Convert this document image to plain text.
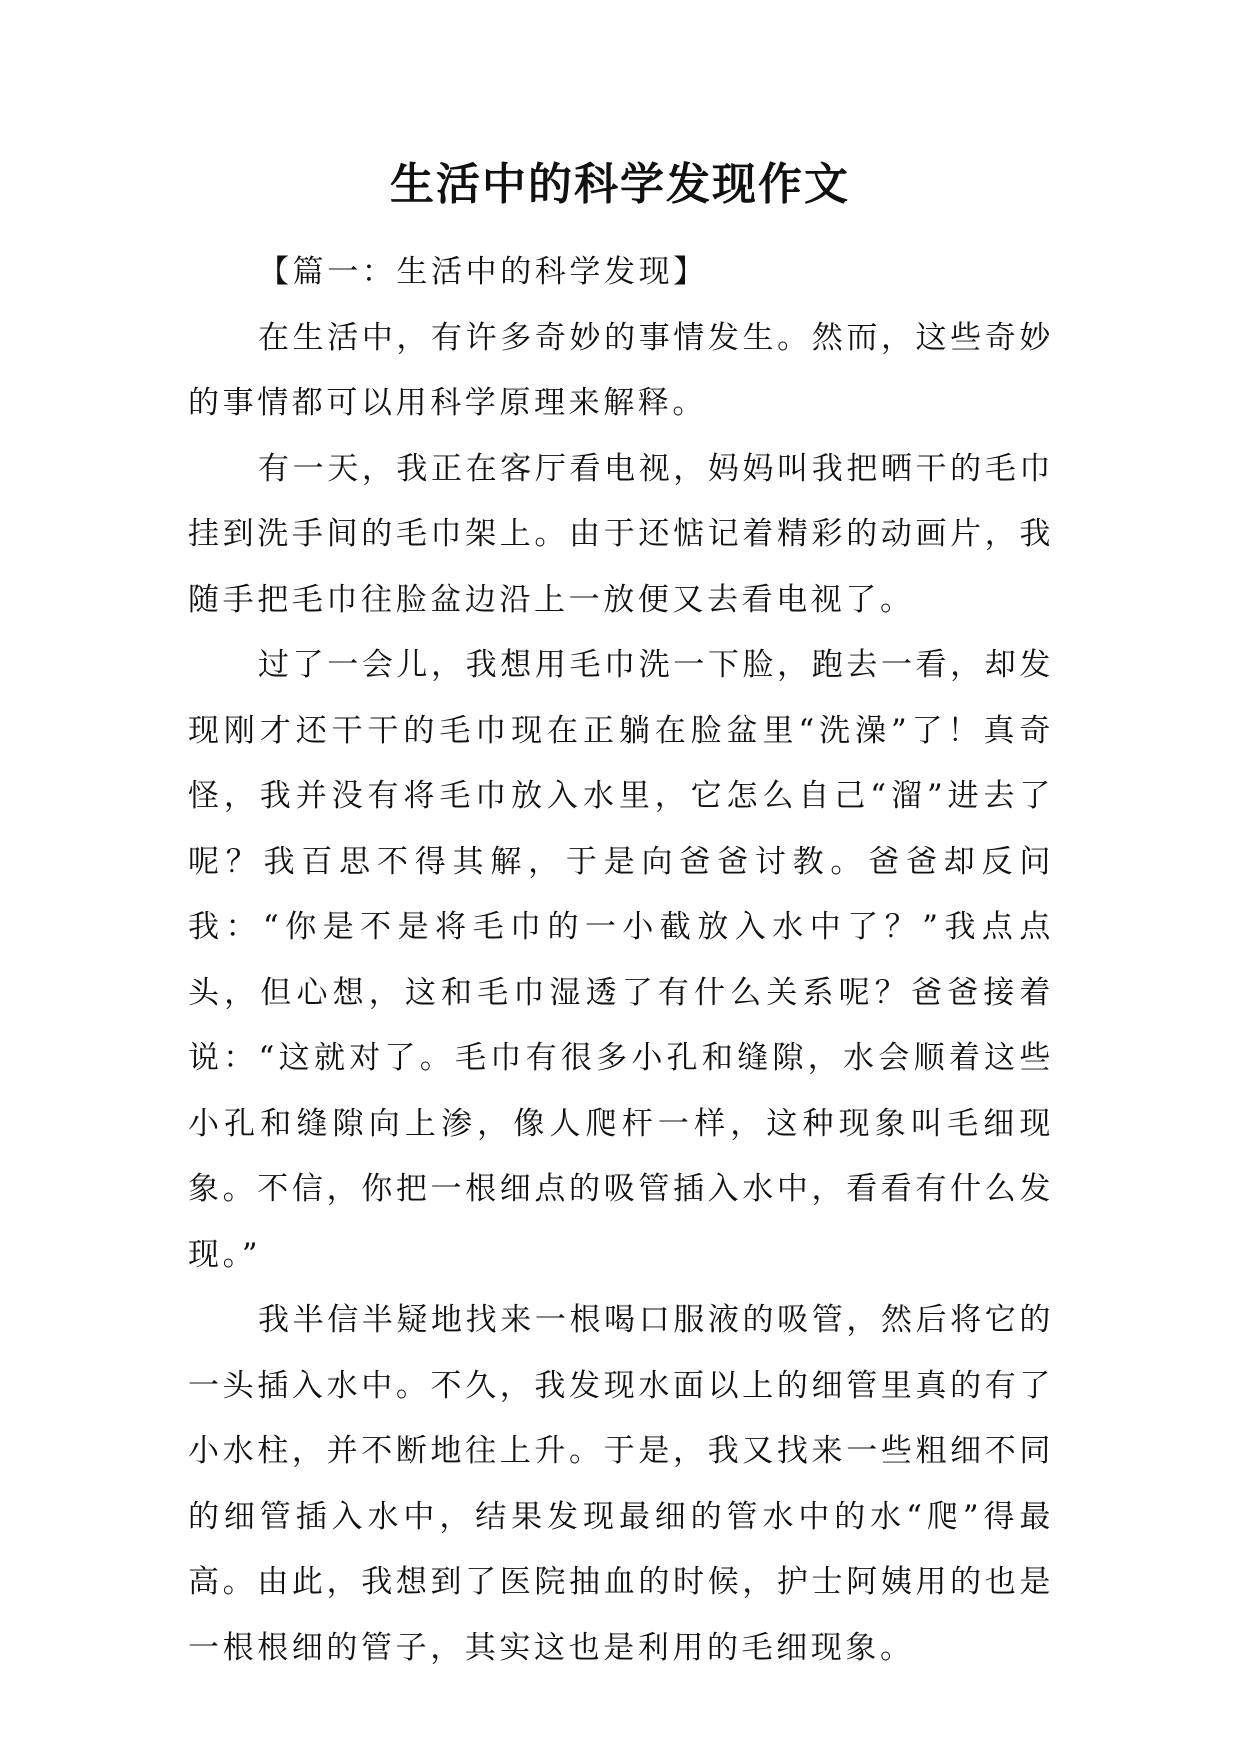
生活中的科学发现作文

【篇一：生活中的科学发现】

在生活中，有许多奇妙的事情发生。然而，这些奇妙的事情都可以用科学原理来解释。

有一天，我正在客厅看电视，妈妈叫我把晒干的毛巾挂到洗手间的毛巾架上。由于还惦记着精彩的动画片，我随手把毛巾往脸盆边沿上一放便又去看电视了。

过了一会儿，我想用毛巾洗一下脸，跑去一看，却发现刚才还干干的毛巾现在正躺在脸盆里“洗澡”了！真奇怪，我并没有将毛巾放入水里，它怎么自己“溜”进去了呢？我百思不得其解，于是向爸爸讨教。爸爸却反问我：“你是不是将毛巾的一小截放入水中了？”我点点头，但心想，这和毛巾湿透了有什么关系呢？爸爸接着说：“这就对了。毛巾有很多小孔和缝隙，水会顺着这些小孔和缝隙向上渗，像人爬杆一样，这种现象叫毛细现象。不信，你把一根细点的吸管插入水中，看看有什么发现。”

我半信半疑地找来一根喝口服液的吸管，然后将它的一头插入水中。不久，我发现水面以上的细管里真的有了小水柱，并不断地往上升。于是，我又找来一些粗细不同的细管插入水中，结果发现最细的管水中的水“爬”得最高。由此，我想到了医院抽血的时候，护士阿姨用的也是一根根细的管子，其实这也是利用的毛细现象。
